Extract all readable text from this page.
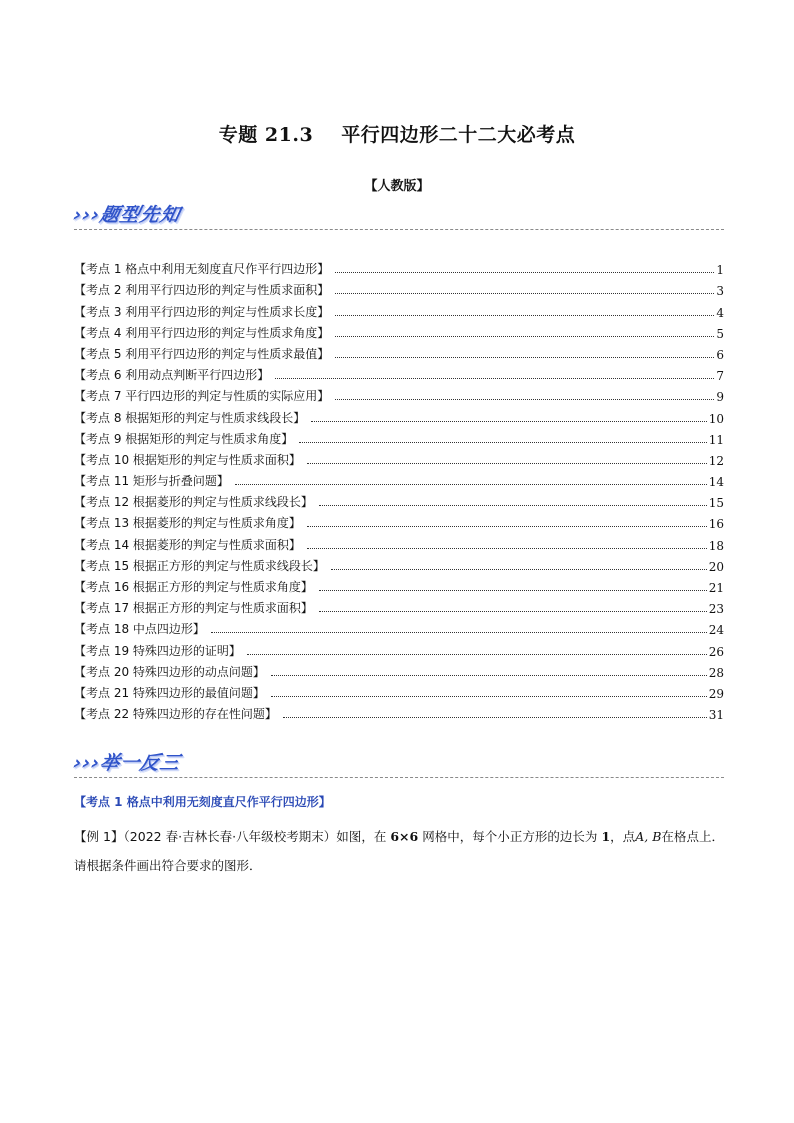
专题 21.3 平行四边形二十二大必考点
【人教版】
›››题型先知
【考点 1 格点中利用无刻度直尺作平行四边形】	1
【考点 2 利用平行四边形的判定与性质求面积】	3
【考点 3 利用平行四边形的判定与性质求长度】	4
【考点 4 利用平行四边形的判定与性质求角度】	5
【考点 5 利用平行四边形的判定与性质求最值】	6
【考点 6 利用动点判断平行四边形】	7
【考点 7 平行四边形的判定与性质的实际应用】	9
【考点 8 根据矩形的判定与性质求线段长】	10
【考点 9 根据矩形的判定与性质求角度】	11
【考点 10 根据矩形的判定与性质求面积】	12
【考点 11 矩形与折叠问题】	14
【考点 12 根据菱形的判定与性质求线段长】	15
【考点 13 根据菱形的判定与性质求角度】	16
【考点 14 根据菱形的判定与性质求面积】	18
【考点 15 根据正方形的判定与性质求线段长】	20
【考点 16 根据正方形的判定与性质求角度】	21
【考点 17 根据正方形的判定与性质求面积】	23
【考点 18 中点四边形】	24
【考点 19 特殊四边形的证明】	26
【考点 20 特殊四边形的动点问题】	28
【考点 21 特殊四边形的最值问题】	29
【考点 22 特殊四边形的存在性问题】	31
›››举一反三
【考点 1 格点中利用无刻度直尺作平行四边形】
【例 1】（2022 春·吉林长春·八年级校考期末）如图，在 6×6 网格中，每个小正方形的边长为 1，点A, B在格点上．请根据条件画出符合要求的图形．
